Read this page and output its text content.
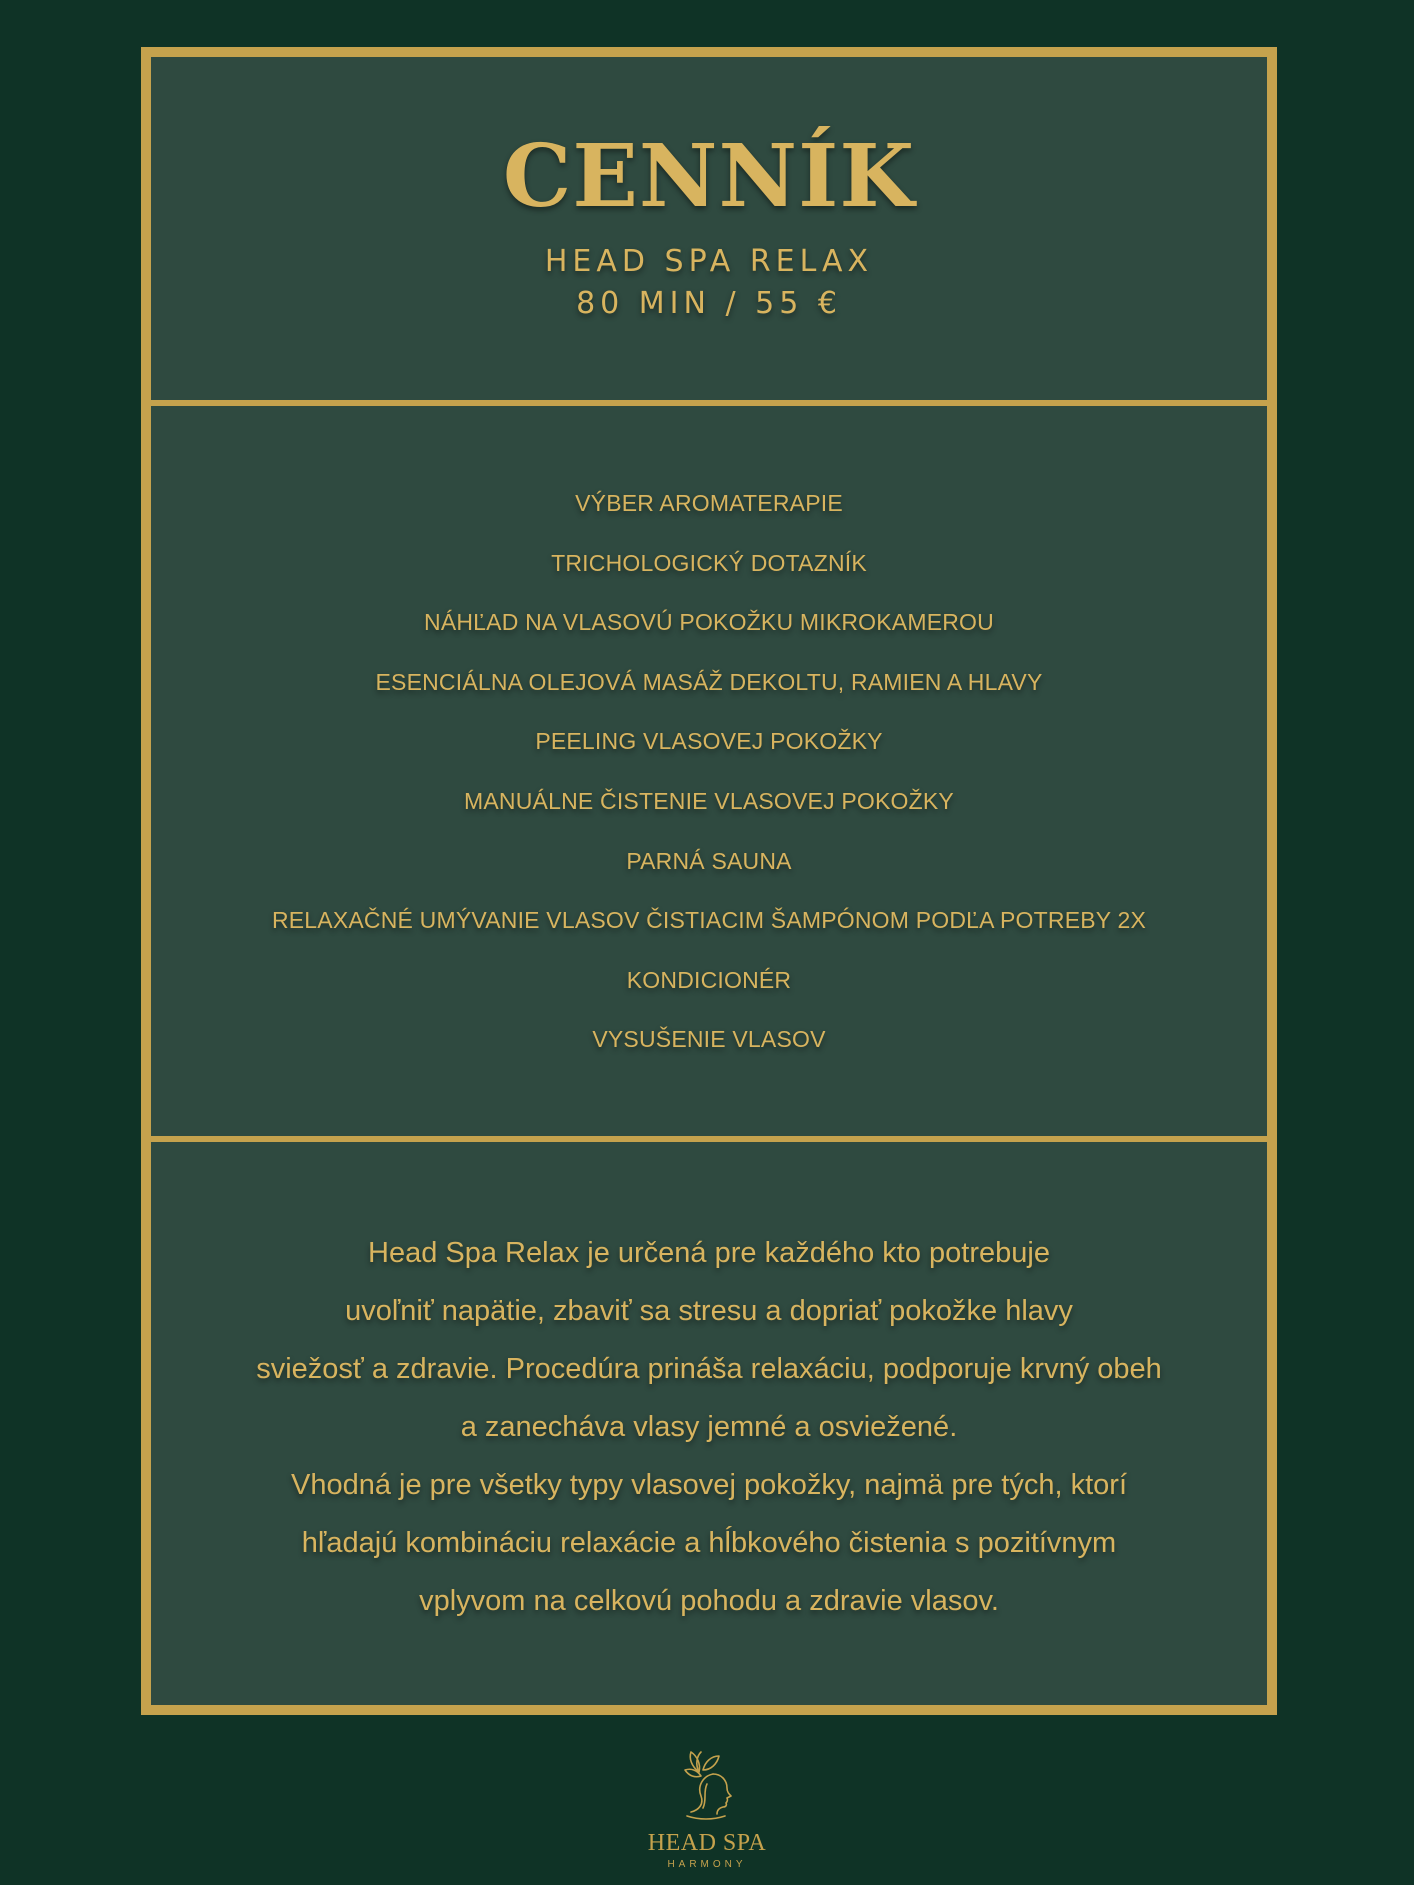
CENNÍK
HEAD SPA RELAX
80 MIN / 55 €
VÝBER AROMATERAPIE
TRICHOLOGICKÝ DOTAZNÍK
NÁHĽAD NA VLASOVÚ POKOŽKU MIKROKAMEROU
ESENCIÁLNA OLEJOVÁ MASÁŽ DEKOLTU, RAMIEN A HLAVY
PEELING VLASOVEJ POKOŽKY
MANUÁLNE ČISTENIE VLASOVEJ POKOŽKY
PARNÁ SAUNA
RELAXAČNÉ UMÝVANIE VLASOV ČISTIACIM ŠAMPÓNOM PODĽA POTREBY 2X
KONDICIONÉR
VYSUŠENIE VLASOV

Head Spa Relax je určená pre každého kto potrebuje

uvoľniť napätie, zbaviť sa stresu a dopriať pokožke hlavy

sviežosť a zdravie. Procedúra prináša relaxáciu, podporuje krvný obeh

a zanecháva vlasy jemné a osviežené.

Vhodná je pre všetky typy vlasovej pokožky, najmä pre tých, ktorí

hľadajú kombináciu relaxácie a hĺbkového čistenia s pozitívnym

vplyvom na celkovú pohodu a zdravie vlasov.

HEAD SPA
HARMONY
